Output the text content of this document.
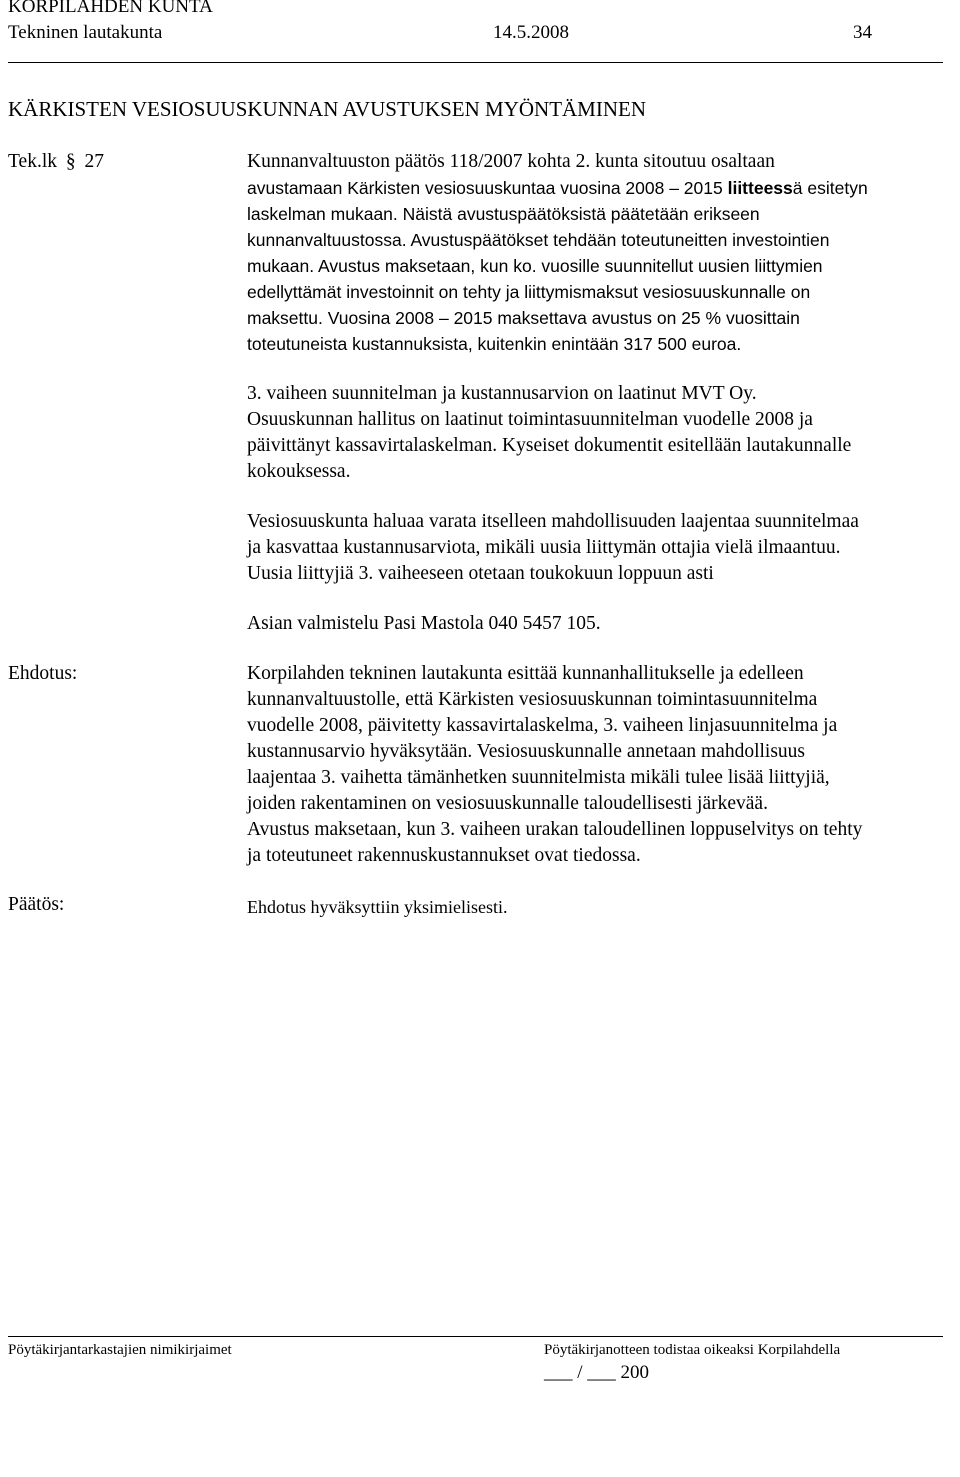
KORPILAHDEN KUNTA
Tekninen lautakunta	14.5.2008	34
KÄRKISTEN VESIOSUUSKUNNAN AVUSTUKSEN MYÖNTÄMINEN
Tek.lk § 27	Kunnanvaltuuston päätös 118/2007 kohta 2. kunta sitoutuu osaltaan
avustamaan Kärkisten vesiosuuskuntaa vuosina 2008 – 2015 liitteessä esitetyn
laskelman mukaan. Näistä avustuspäätöksistä päätetään erikseen
kunnanvaltuustossa. Avustuspäätökset tehdään toteutuneitten investointien
mukaan. Avustus maksetaan, kun ko. vuosille suunnitellut uusien liittymien
edellyttämät investoinnit on tehty ja liittymismaksut vesiosuuskunnalle on
maksettu. Vuosina 2008 – 2015 maksettava avustus on 25 % vuosittain
toteutuneista kustannuksista, kuitenkin enintään 317 500 euroa.
3. vaiheen suunnitelman ja kustannusarvion on laatinut MVT Oy.
Osuuskunnan hallitus on laatinut toimintasuunnitelman vuodelle 2008 ja
päivittänyt kassavirtalaskelman. Kyseiset dokumentit esitellään lautakunnalle
kokouksessa.
Vesiosuuskunta haluaa varata itselleen mahdollisuuden laajentaa suunnitelmaa
ja kasvattaa kustannusarviota, mikäli uusia liittymän ottajia vielä ilmaantuu.
Uusia liittyjiä 3. vaiheeseen otetaan toukokuun loppuun asti
Asian valmistelu Pasi Mastola 040 5457 105.
Ehdotus:	Korpilahden tekninen lautakunta esittää kunnanhallitukselle ja edelleen
kunnanvaltuustolle, että Kärkisten vesiosuuskunnan toimintasuunnitelma
vuodelle 2008, päivitetty kassavirtalaskelma, 3. vaiheen linjasuunnitelma ja
kustannusarvio hyväksytään. Vesiosuuskunnalle annetaan mahdollisuus
laajentaa 3. vaihetta tämänhetken suunnitelmista mikäli tulee lisää liittyjiä,
joiden rakentaminen on vesiosuuskunnalle taloudellisesti järkevää.
Avustus maksetaan, kun 3. vaiheen urakan taloudellinen loppuselvitys on tehty
ja toteutuneet rakennuskustannukset ovat tiedossa.
Päätös:	Ehdotus hyväksyttiin yksimielisesti.
Pöytäkirjantarkastajien nimikirjaimet	Pöytäkirjanotteen todistaa oikeaksi Korpilahdella
___ / ___ 200
